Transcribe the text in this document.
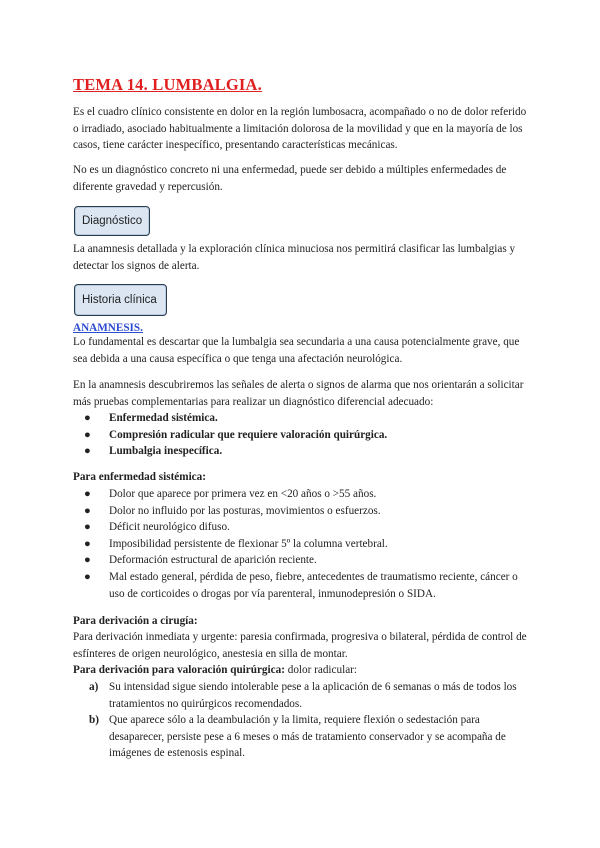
TEMA 14. LUMBALGIA.

Es el cuadro clínico consistente en dolor en la región lumbosacra, acompañado o no de dolor referido o irradiado, asociado habitualmente a limitación dolorosa de la movilidad y que en la mayoría de los casos, tiene carácter inespecífico, presentando características mecánicas.

No es un diagnóstico concreto ni una enfermedad, puede ser debido a múltiples enfermedades de diferente gravedad y repercusión.

Diagnóstico

La anamnesis detallada y la exploración clínica minuciosa nos permitirá clasificar las lumbalgias y detectar los signos de alerta.

Historia clínica
ANAMNESIS.

Lo fundamental es descartar que la lumbalgia sea secundaria a una causa potencialmente grave, que sea debida a una causa específica o que tenga una afectación neurológica.

En la anamnesis descubriremos las señales de alerta o signos de alarma que nos orientarán a solicitar más pruebas complementarias para realizar un diagnóstico diferencial adecuado:

● Enfermedad sistémica.
● Compresión radicular que requiere valoración quirúrgica.
● Lumbalgia inespecífica.
Para enfermedad sistémica:
● Dolor que aparece por primera vez en <20 años o >55 años.
● Dolor no influido por las posturas, movimientos o esfuerzos.
● Déficit neurológico difuso.
● Imposibilidad persistente de flexionar 5º la columna vertebral.
● Deformación estructural de aparición reciente.
● Mal estado general, pérdida de peso, fiebre, antecedentes de traumatismo reciente, cáncer o uso de corticoides o drogas por vía parenteral, inmunodepresión o SIDA.
Para derivación a cirugía:

Para derivación inmediata y urgente: paresia confirmada, progresiva o bilateral, pérdida de control de esfínteres de origen neurológico, anestesia en silla de montar.

Para derivación para valoración quirúrgica: dolor radicular:

a) Su intensidad sigue siendo intolerable pese a la aplicación de 6 semanas o más de todos los tratamientos no quirúrgicos recomendados.
b) Que aparece sólo a la deambulación y la limita, requiere flexión o sedestación para desaparecer, persiste pese a 6 meses o más de tratamiento conservador y se acompaña de imágenes de estenosis espinal.
